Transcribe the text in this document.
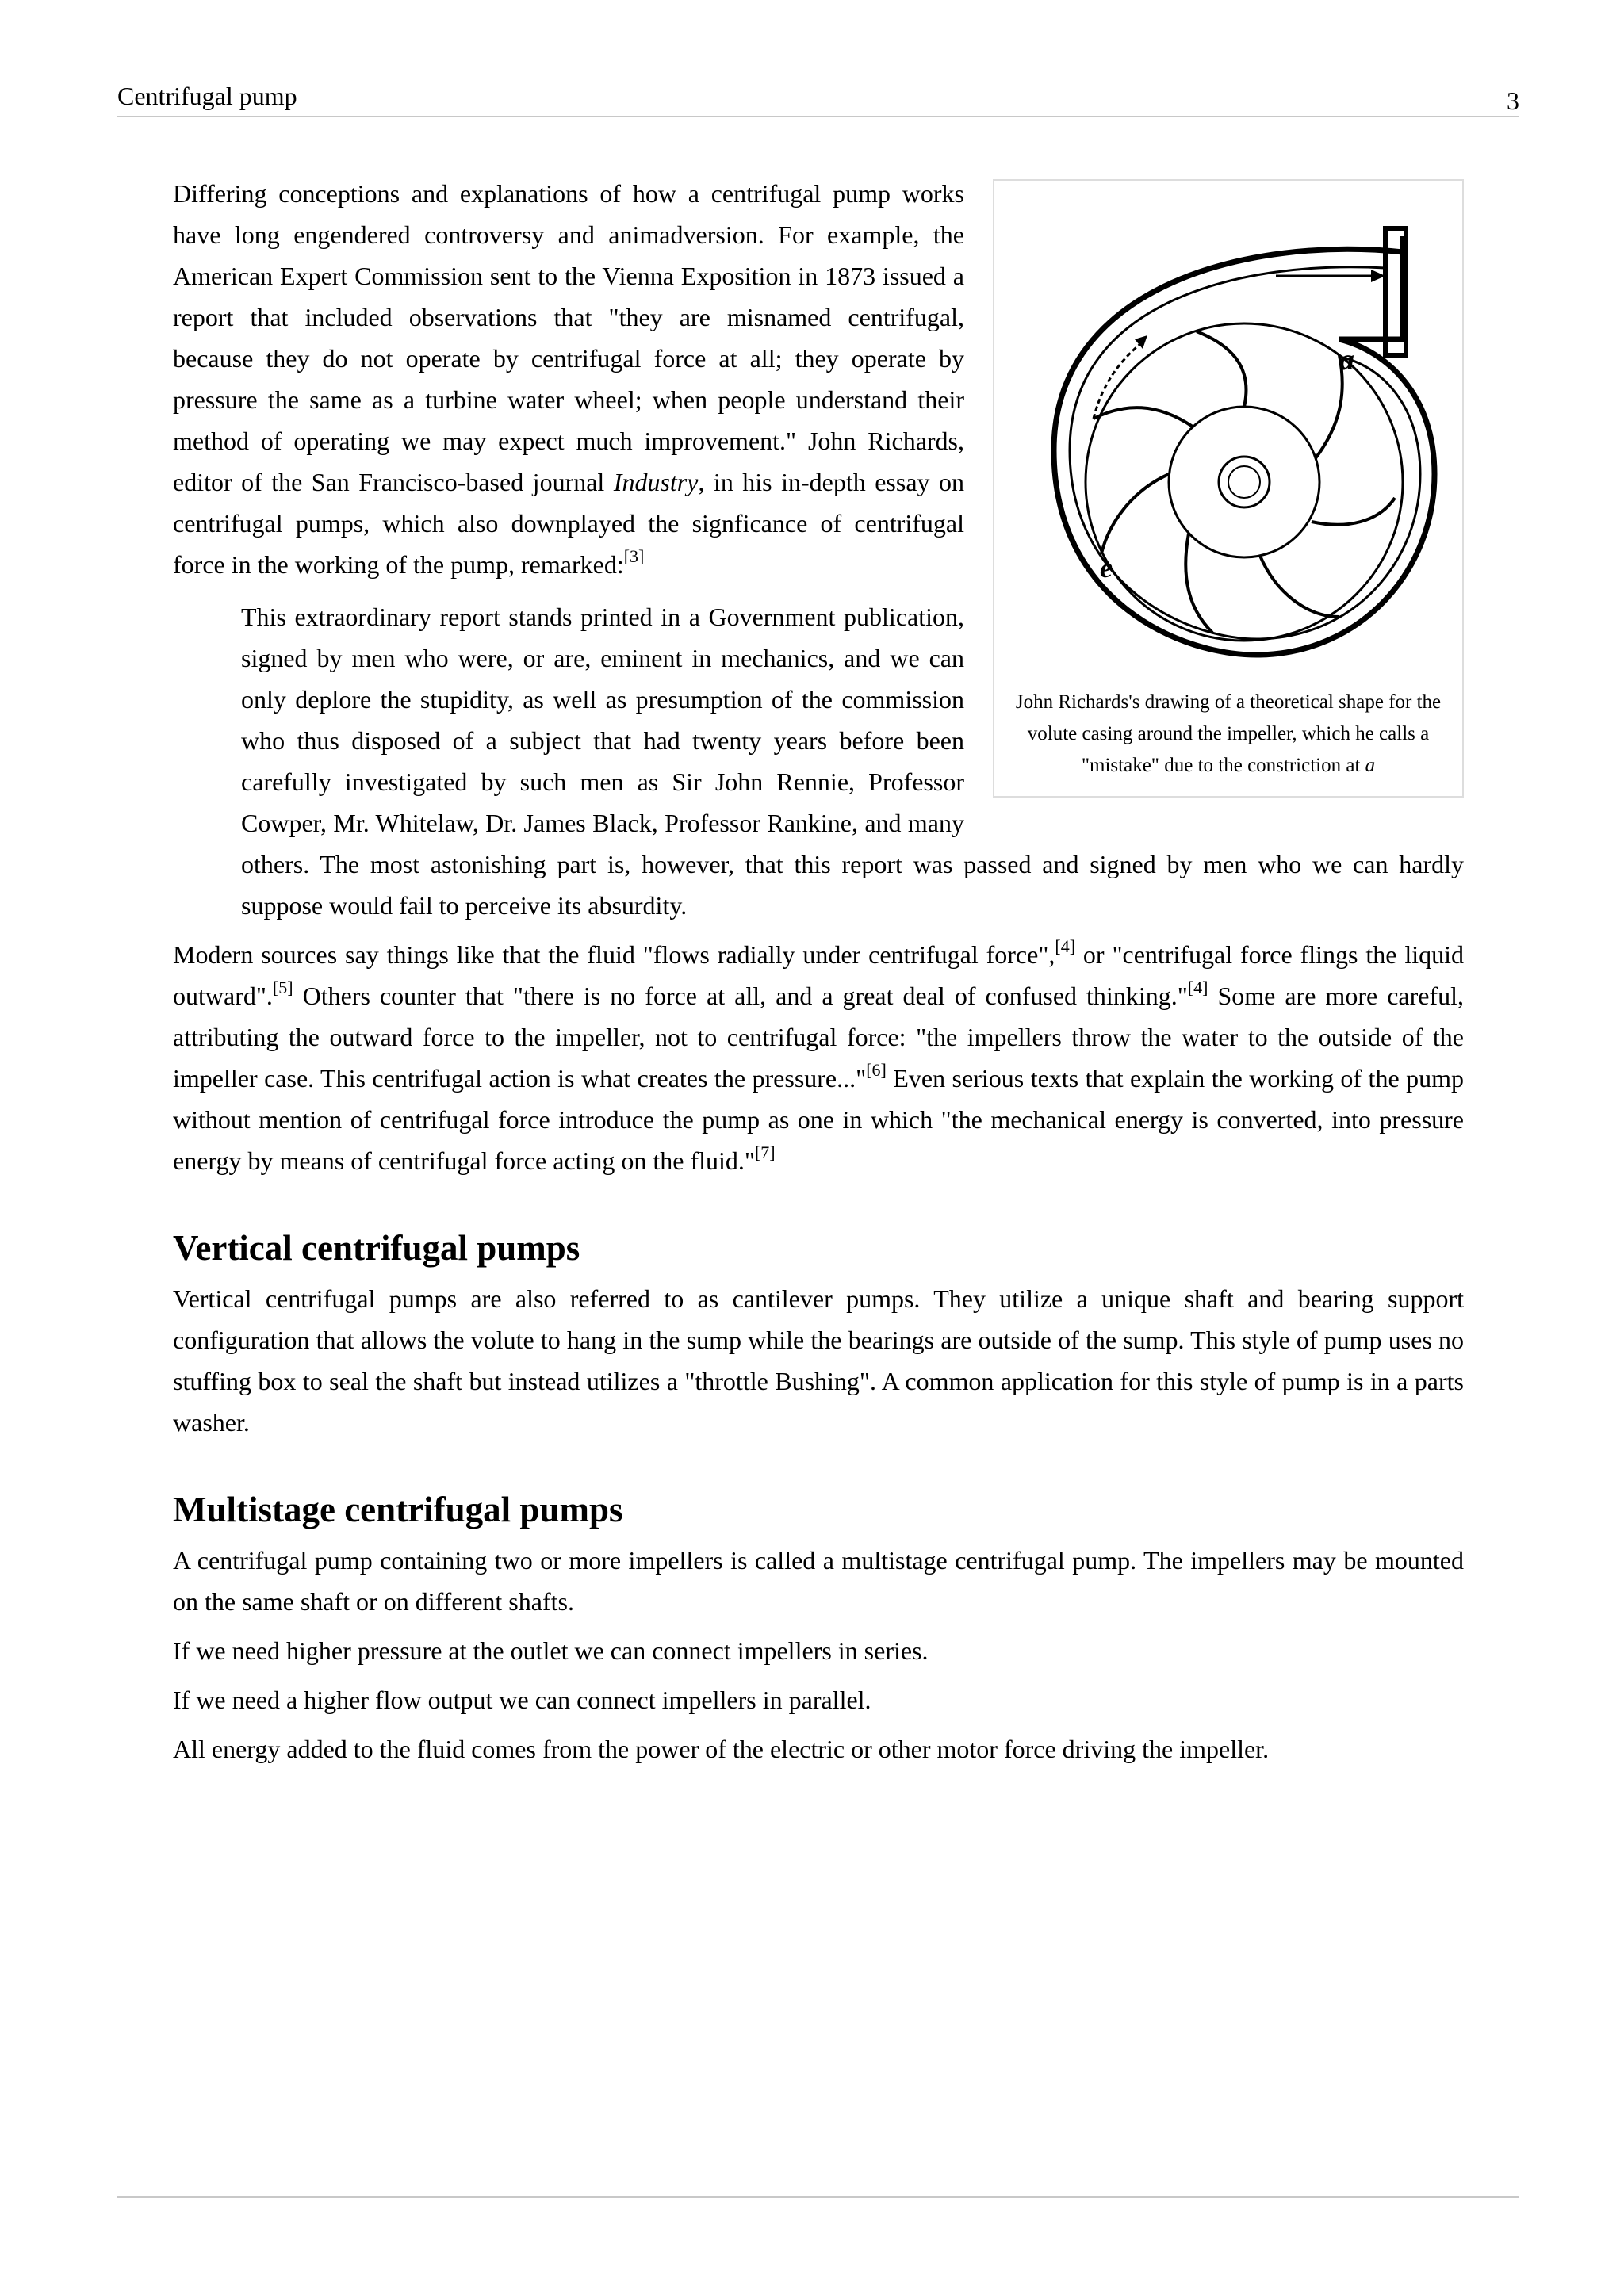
Centrifugal pump	3
a
e
John Richards's drawing of a theoretical shape for the volute casing around the impeller, which he calls a "mistake" due to the constriction at a

Differing conceptions and explanations of how a centrifugal pump works have long engendered controversy and animadversion. For example, the American Expert Commission sent to the Vienna Exposition in 1873 issued a report that included observations that "they are misnamed centrifugal, because they do not operate by centrifugal force at all; they operate by pressure the same as a turbine water wheel; when people understand their method of operating we may expect much improvement." John Richards, editor of the San Francisco-based journal Industry, in his in-depth essay on centrifugal pumps, which also downplayed the signficance of centrifugal force in the working of the pump, remarked:[3]

This extraordinary report stands printed in a Government publication, signed by men who were, or are, eminent in mechanics, and we can only deplore the stupidity, as well as presumption of the commission who thus disposed of a subject that had twenty years before been carefully investigated by such men as Sir John Rennie, Professor Cowper, Mr. Whitelaw, Dr. James Black, Professor Rankine, and many others. The most astonishing part is, however, that this report was passed and signed by men who we can hardly suppose would fail to perceive its absurdity.

Modern sources say things like that the fluid "flows radially under centrifugal force",[4] or "centrifugal force flings the liquid outward".[5] Others counter that "there is no force at all, and a great deal of confused thinking."[4] Some are more careful, attributing the outward force to the impeller, not to centrifugal force: "the impellers throw the water to the outside of the impeller case. This centrifugal action is what creates the pressure..."[6] Even serious texts that explain the working of the pump without mention of centrifugal force introduce the pump as one in which "the mechanical energy is converted, into pressure energy by means of centrifugal force acting on the fluid."[7]

Vertical centrifugal pumps

Vertical centrifugal pumps are also referred to as cantilever pumps. They utilize a unique shaft and bearing support configuration that allows the volute to hang in the sump while the bearings are outside of the sump. This style of pump uses no stuffing box to seal the shaft but instead utilizes a "throttle Bushing". A common application for this style of pump is in a parts washer.

Multistage centrifugal pumps

A centrifugal pump containing two or more impellers is called a multistage centrifugal pump. The impellers may be mounted on the same shaft or on different shafts.

If we need higher pressure at the outlet we can connect impellers in series.

If we need a higher flow output we can connect impellers in parallel.

All energy added to the fluid comes from the power of the electric or other motor force driving the impeller.
